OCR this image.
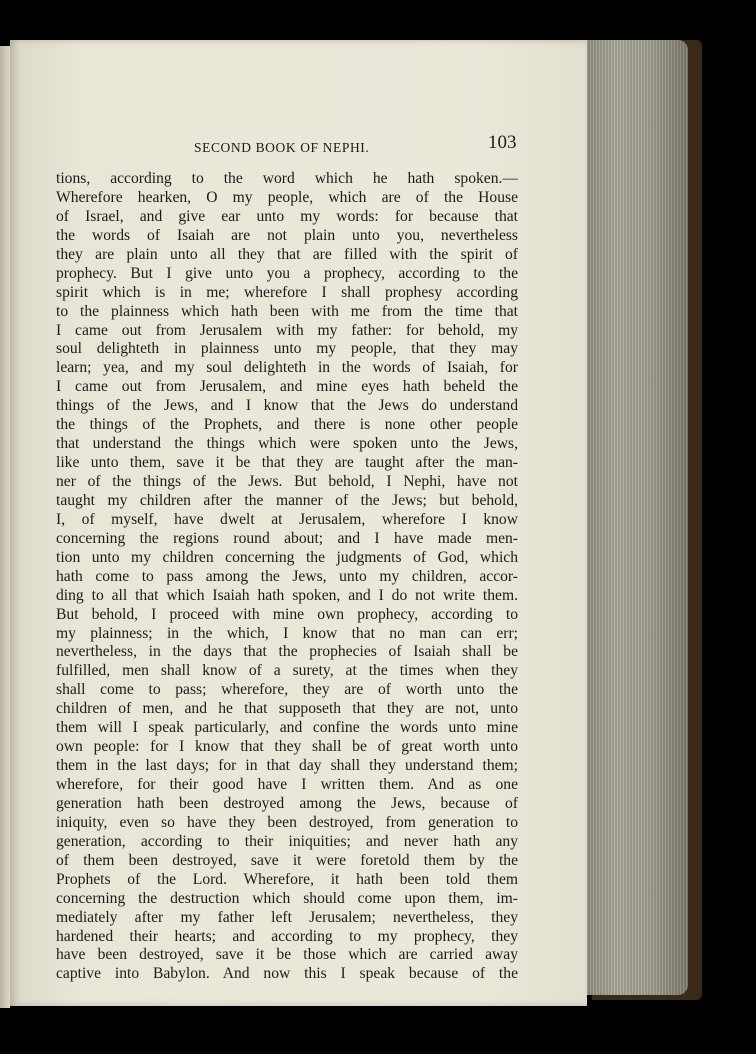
SECOND BOOK OF NEPHI.	103
tions, according to the word which he hath spoken.—
Wherefore hearken, O my people, which are of the House
of Israel, and give ear unto my words: for because that
the words of Isaiah are not plain unto you, nevertheless
they are plain unto all they that are filled with the spirit of
prophecy. But I give unto you a prophecy, according to the
spirit which is in me; wherefore I shall prophesy according
to the plainness which hath been with me from the time that
I came out from Jerusalem with my father: for behold, my
soul delighteth in plainness unto my people, that they may
learn; yea, and my soul delighteth in the words of Isaiah, for
I came out from Jerusalem, and mine eyes hath beheld the
things of the Jews, and I know that the Jews do understand
the things of the Prophets, and there is none other people
that understand the things which were spoken unto the Jews,
like unto them, save it be that they are taught after the man-
ner of the things of the Jews. But behold, I Nephi, have not
taught my children after the manner of the Jews; but behold,
I, of myself, have dwelt at Jerusalem, wherefore I know
concerning the regions round about; and I have made men-
tion unto my children concerning the judgments of God, which
hath come to pass among the Jews, unto my children, accor-
ding to all that which Isaiah hath spoken, and I do not write them.
But behold, I proceed with mine own prophecy, according to
my plainness; in the which, I know that no man can err;
nevertheless, in the days that the prophecies of Isaiah shall be
fulfilled, men shall know of a surety, at the times when they
shall come to pass; wherefore, they are of worth unto the
children of men, and he that supposeth that they are not, unto
them will I speak particularly, and confine the words unto mine
own people: for I know that they shall be of great worth unto
them in the last days; for in that day shall they understand them;
wherefore, for their good have I written them. And as one
generation hath been destroyed among the Jews, because of
iniquity, even so have they been destroyed, from generation to
generation, according to their iniquities; and never hath any
of them been destroyed, save it were foretold them by the
Prophets of the Lord. Wherefore, it hath been told them
concerning the destruction which should come upon them, im-
mediately after my father left Jerusalem; nevertheless, they
hardened their hearts; and according to my prophecy, they
have been destroyed, save it be those which are carried away
captive into Babylon. And now this I speak because of the
